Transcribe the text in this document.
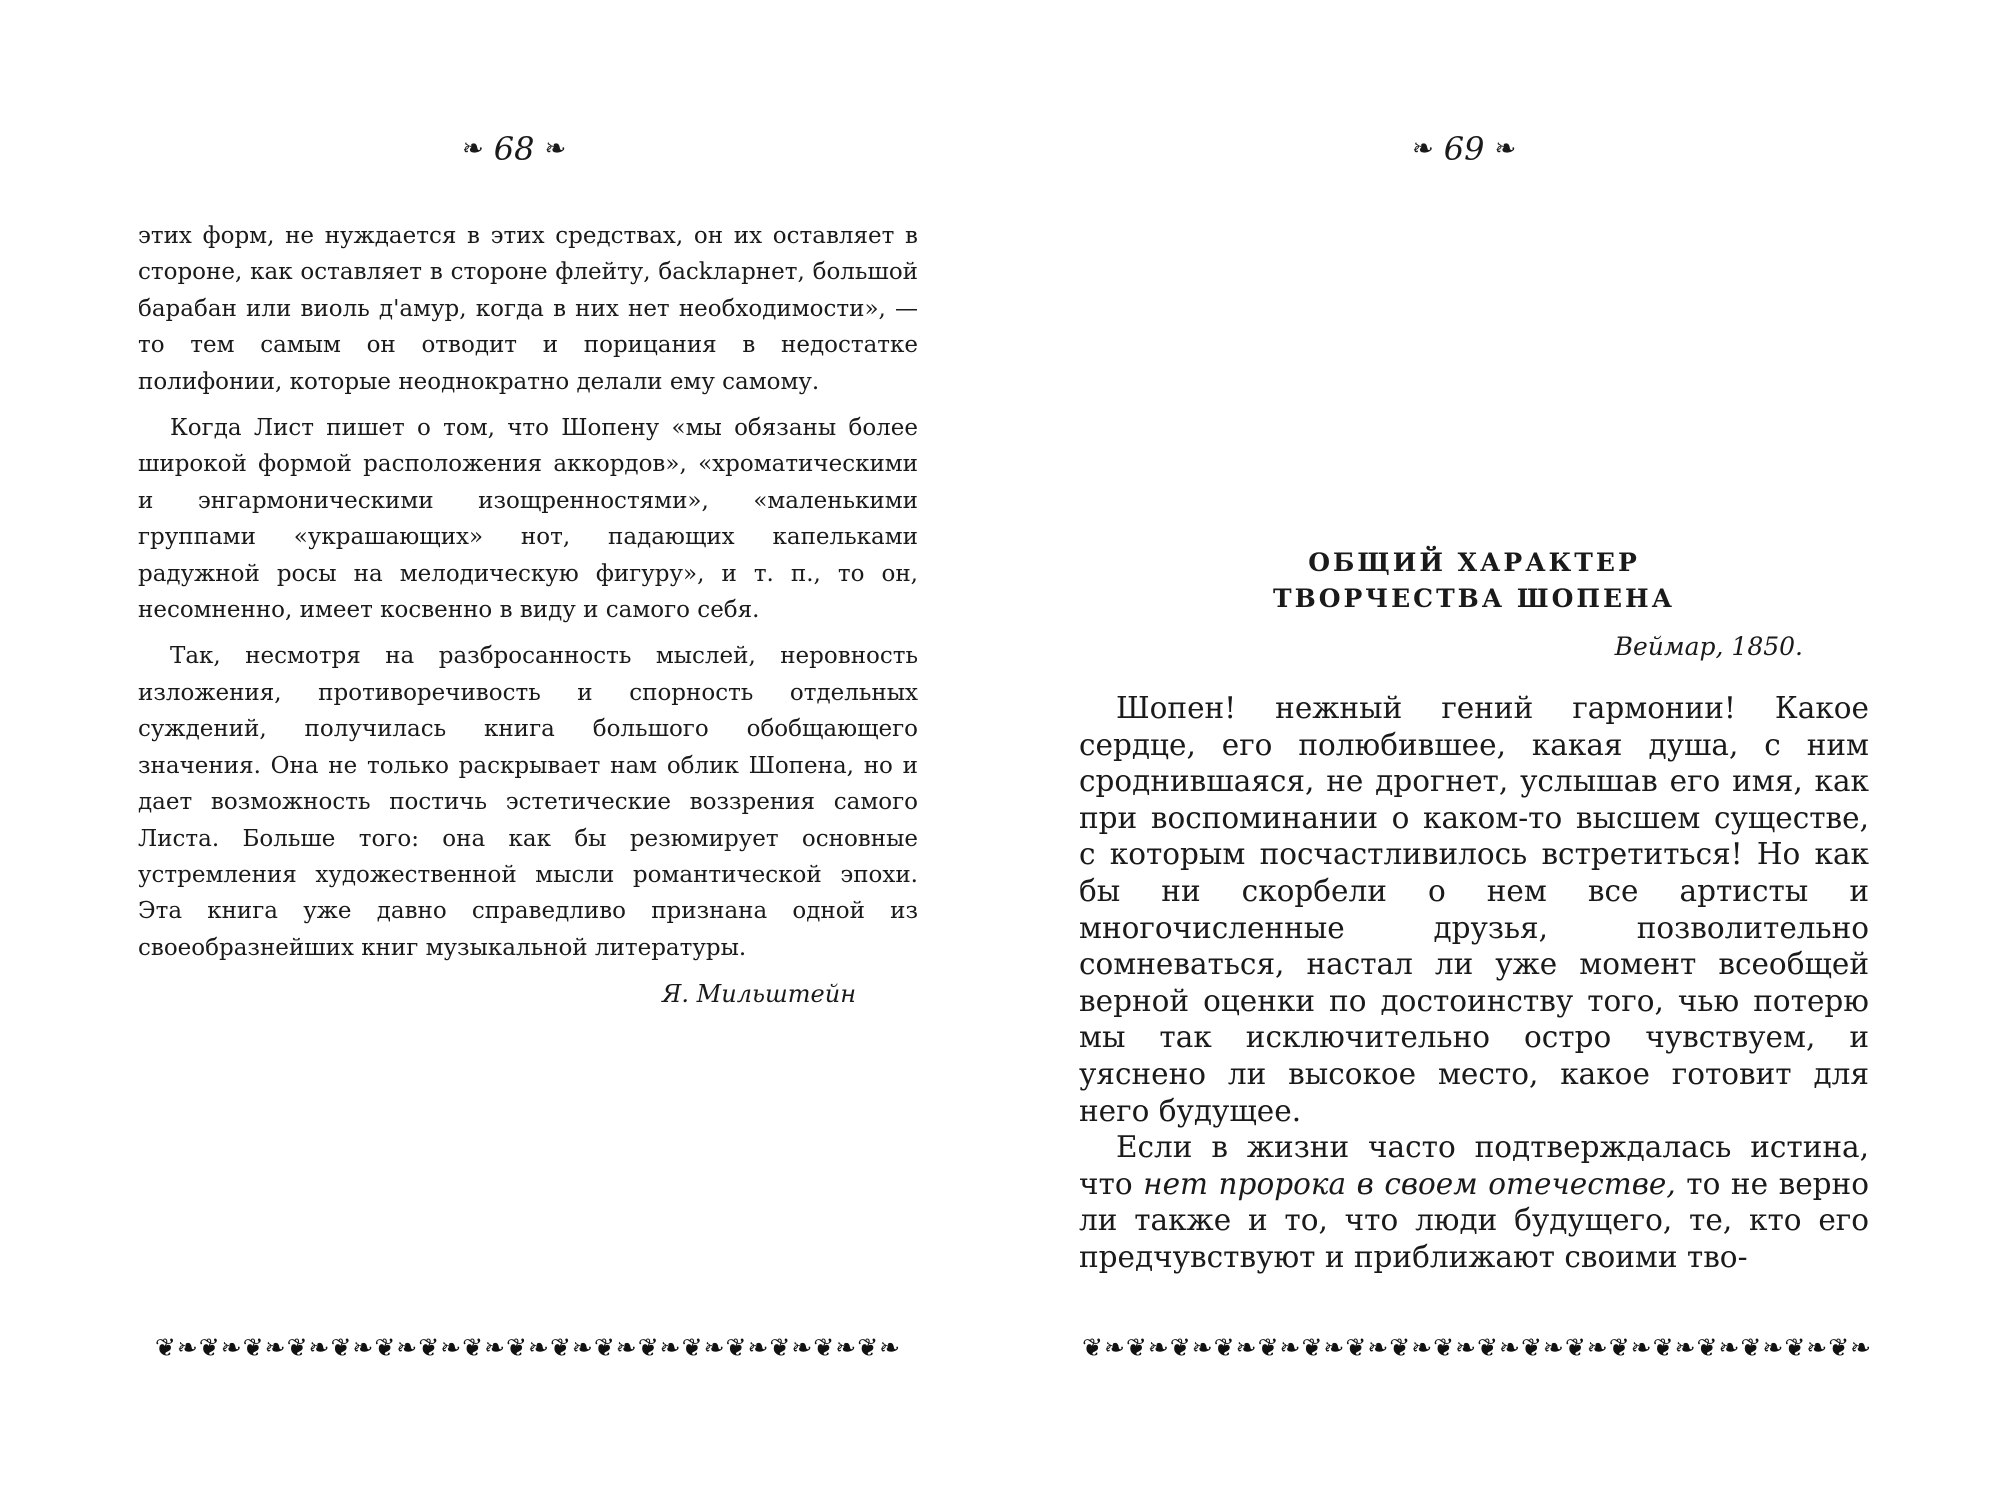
❧ 68 ❧

этих форм, не нуждается в этих средствах, он их оставляет в стороне, как оставляет в стороне флейту, басkларнет, большой барабан или виоль д'амур, когда в них нет необходимости», — то тем самым он отводит и порицания в недостатке полифонии, которые неоднократно делали ему самому.

Когда Лист пишет о том, что Шопену «мы обязаны более широкой формой расположения аккордов», «хроматическими и энгармоническими изощренностями», «маленькими группами «украшающих» нот, падающих капельками радужной росы на мелодическую фигуру», и т. п., то он, несомненно, имеет косвенно в виду и самого себя.

Так, несмотря на разбросанность мыслей, неровность изложения, противоречивость и спорность отдельных суждений, получилась книга большого обобщающего значения. Она не только раскрывает нам облик Шопена, но и дает возможность постичь эстетические воззрения самого Листа. Больше того: она как бы резюмирует основные устремления художественной мысли романтической эпохи. Эта книга уже давно справедливо признана одной из своеобразнейших книг музыкальной литературы.

Я. Мильштейн
❦❧❦❧❦❧❦❧❦❧❦❧❦❧❦❧❦❧❦❧❦❧❦❧❦❧❦❧❦❧❦❧❦❧
❧ 69 ❧
ОБЩИЙ ХАРАКТЕР
ТВОРЧЕСТВА ШОПЕНА
Веймар, 1850.

Шопен! нежный гений гармонии! Какое сердце, его полюбившее, какая душа, с ним сроднившаяся, не дрогнет, услышав его имя, как при воспоминании о каком-то высшем существе, с которым посчастливилось встретиться! Но как бы ни скорбели о нем все артисты и многочисленные друзья, позволительно сомневаться, настал ли уже момент всеобщей верной оценки по достоинству того, чью потерю мы так исключительно остро чувствуем, и уяснено ли высокое место, какое готовит для него будущее.

Если в жизни часто подтверждалась истина, что нет пророка в своем отечестве, то не верно ли также и то, что люди будущего, те, кто его предчувствуют и приближают своими тво-

❦❧❦❧❦❧❦❧❦❧❦❧❦❧❦❧❦❧❦❧❦❧❦❧❦❧❦❧❦❧❦❧❦❧❦❧
